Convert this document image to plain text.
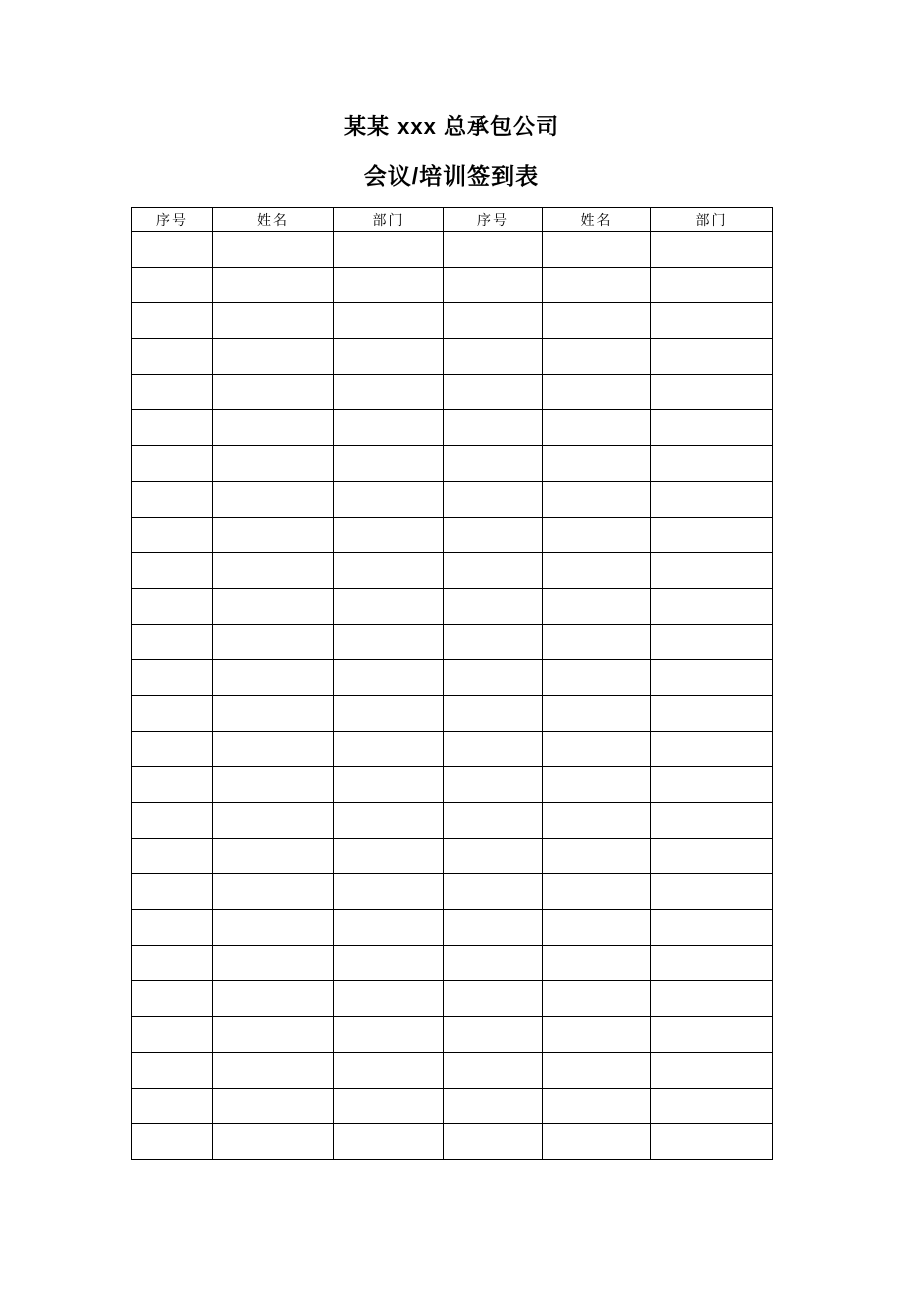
某某 xxx 总承包公司
会议/培训签到表
序号	姓名	部门	序号	姓名	部门
